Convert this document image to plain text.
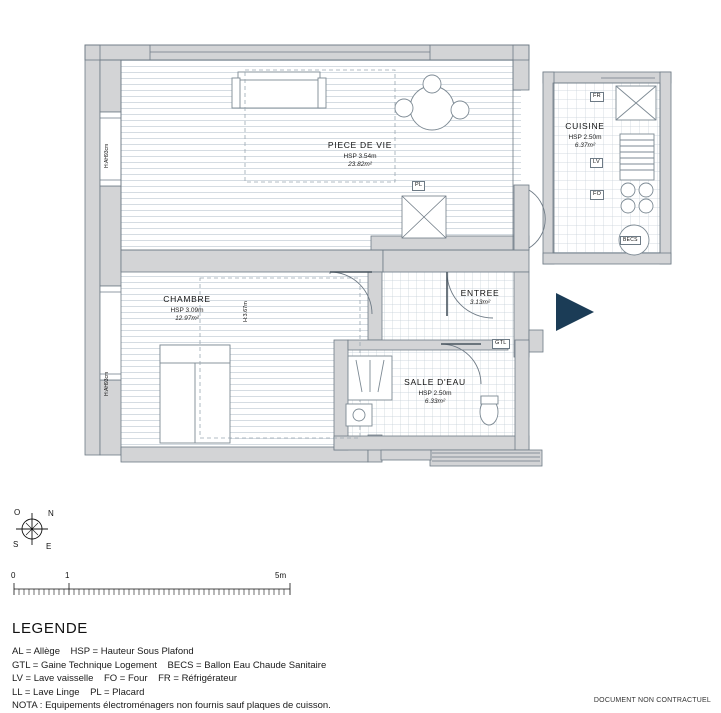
PIECE DE VIE
HSP 3.54m
23.82m²
CUISINE
HSP 2.50m
6.37m²
CHAMBRE
HSP 3.09m
12.97m²
ENTREE
3.13m²
SALLE D'EAU
HSP 2.50m
6.33m²
FR
LV
FO
BECS
PL
GTL
H:AH93cm
H:AH93cm
H:3.67m
N
E
S
O
0	1	5m
LEGENDE
AL = Allège    HSP = Hauteur Sous Plafond
GTL = Gaine Technique Logement    BECS = Ballon Eau Chaude Sanitaire
LV = Lave vaisselle    FO = Four    FR = Réfrigérateur
LL = Lave Linge    PL = Placard
NOTA : Equipements électroménagers non fournis sauf plaques de cuisson.	DOCUMENT NON CONTRACTUEL
